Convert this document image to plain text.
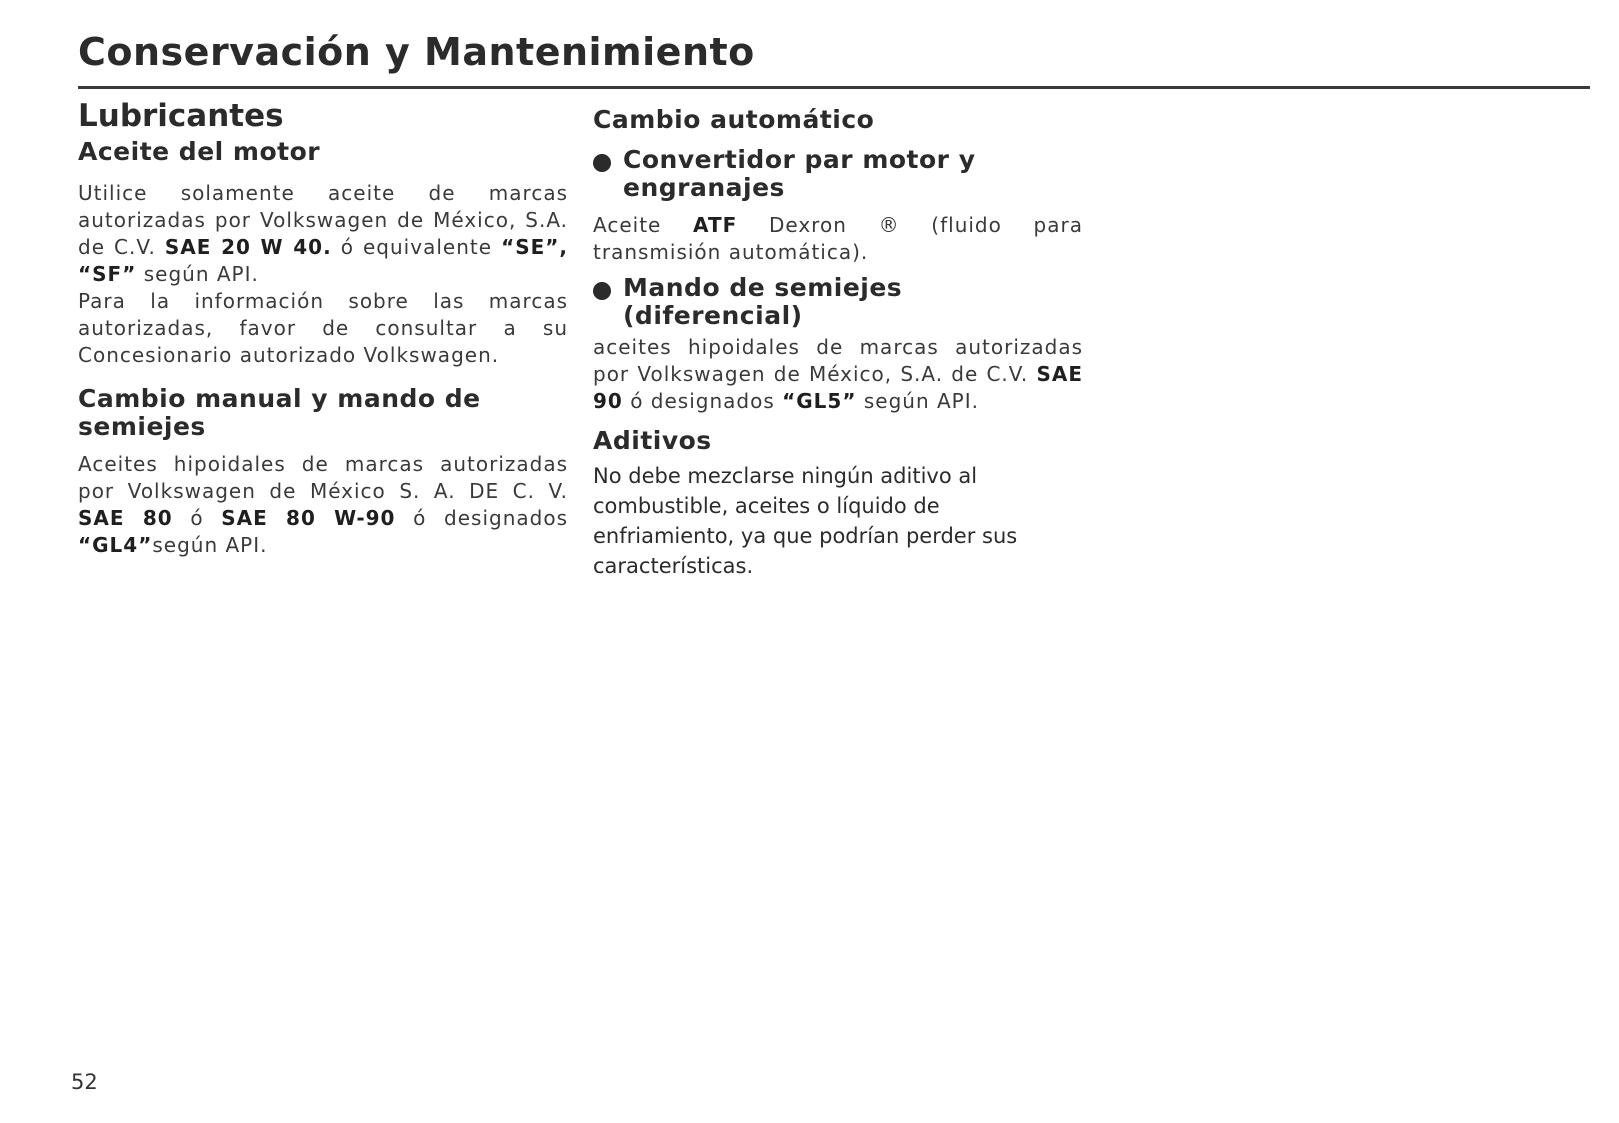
Conservación y Mantenimiento
Lubricantes
Aceite del motor

Utilice solamente aceite de marcas autorizadas por Volkswagen de México, S.A. de C.V. SAE 20 W 40. ó equivalente “SE”, “SF” según API.

Para la información sobre las marcas autorizadas, favor de consultar a su Concesionario autorizado Volkswagen.

Cambio manual y mando de semiejes

Aceites hipoidales de marcas autorizadas por Volkswagen de México S. A. DE C. V. SAE 80 ó SAE 80 W-90 ó designados “GL4”según API.

Cambio automático
Convertidor par motor y engranajes

Aceite ATF Dexron ® (fluido para transmisión automática).

Mando de semiejes (diferencial)

aceites hipoidales de marcas autorizadas por Volkswagen de México, S.A. de C.V. SAE 90 ó designados “GL5” según API.

Aditivos

No debe mezclarse ningún aditivo al combustible, aceites o líquido de enfriamiento, ya que podrían perder sus características.

52
